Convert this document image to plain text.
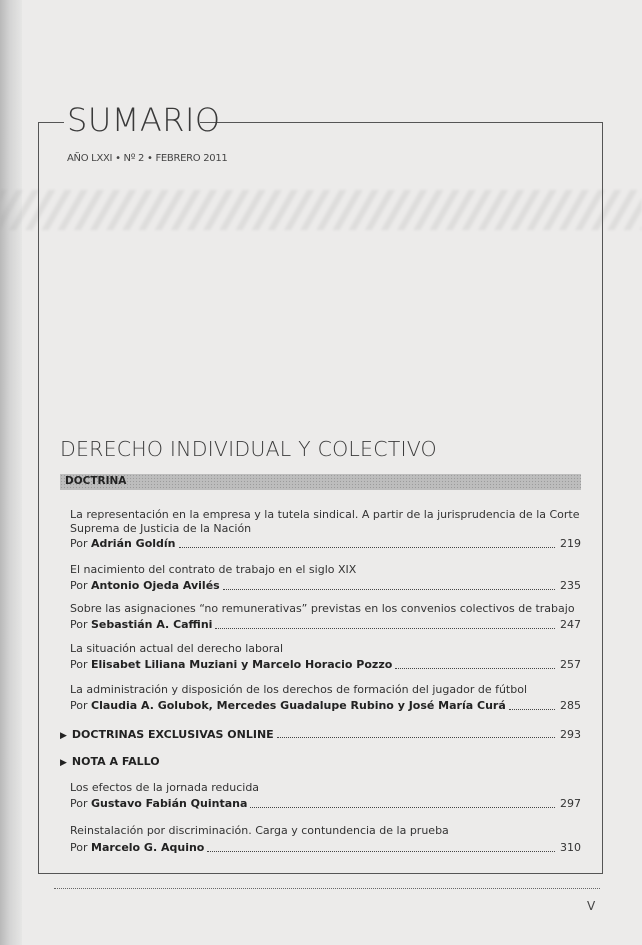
SUMARIO
AÑO LXXI • Nº 2 • FEBRERO 2011
DERECHO INDIVIDUAL Y COLECTIVO
DOCTRINA
La representación en la empresa y la tutela sindical. A partir de la jurisprudencia de la Corte Suprema de Justicia de la Nación
Por Adrián Goldín	219
El nacimiento del contrato de trabajo en el siglo XIX
Por Antonio Ojeda Avilés	235
Sobre las asignaciones “no remunerativas” previstas en los convenios colectivos de trabajo
Por Sebastián A. Caffini	247
La situación actual del derecho laboral
Por Elisabet Liliana Muziani y Marcelo Horacio Pozzo	257
La administración y disposición de los derechos de formación del jugador de fútbol
Por Claudia A. Golubok, Mercedes Guadalupe Rubino y José María Curá	285
▶ DOCTRINAS EXCLUSIVAS ONLINE	293
▶ NOTA A FALLO
Los efectos de la jornada reducida
Por Gustavo Fabián Quintana	297
Reinstalación por discriminación. Carga y contundencia de la prueba
Por Marcelo G. Aquino	310
V
